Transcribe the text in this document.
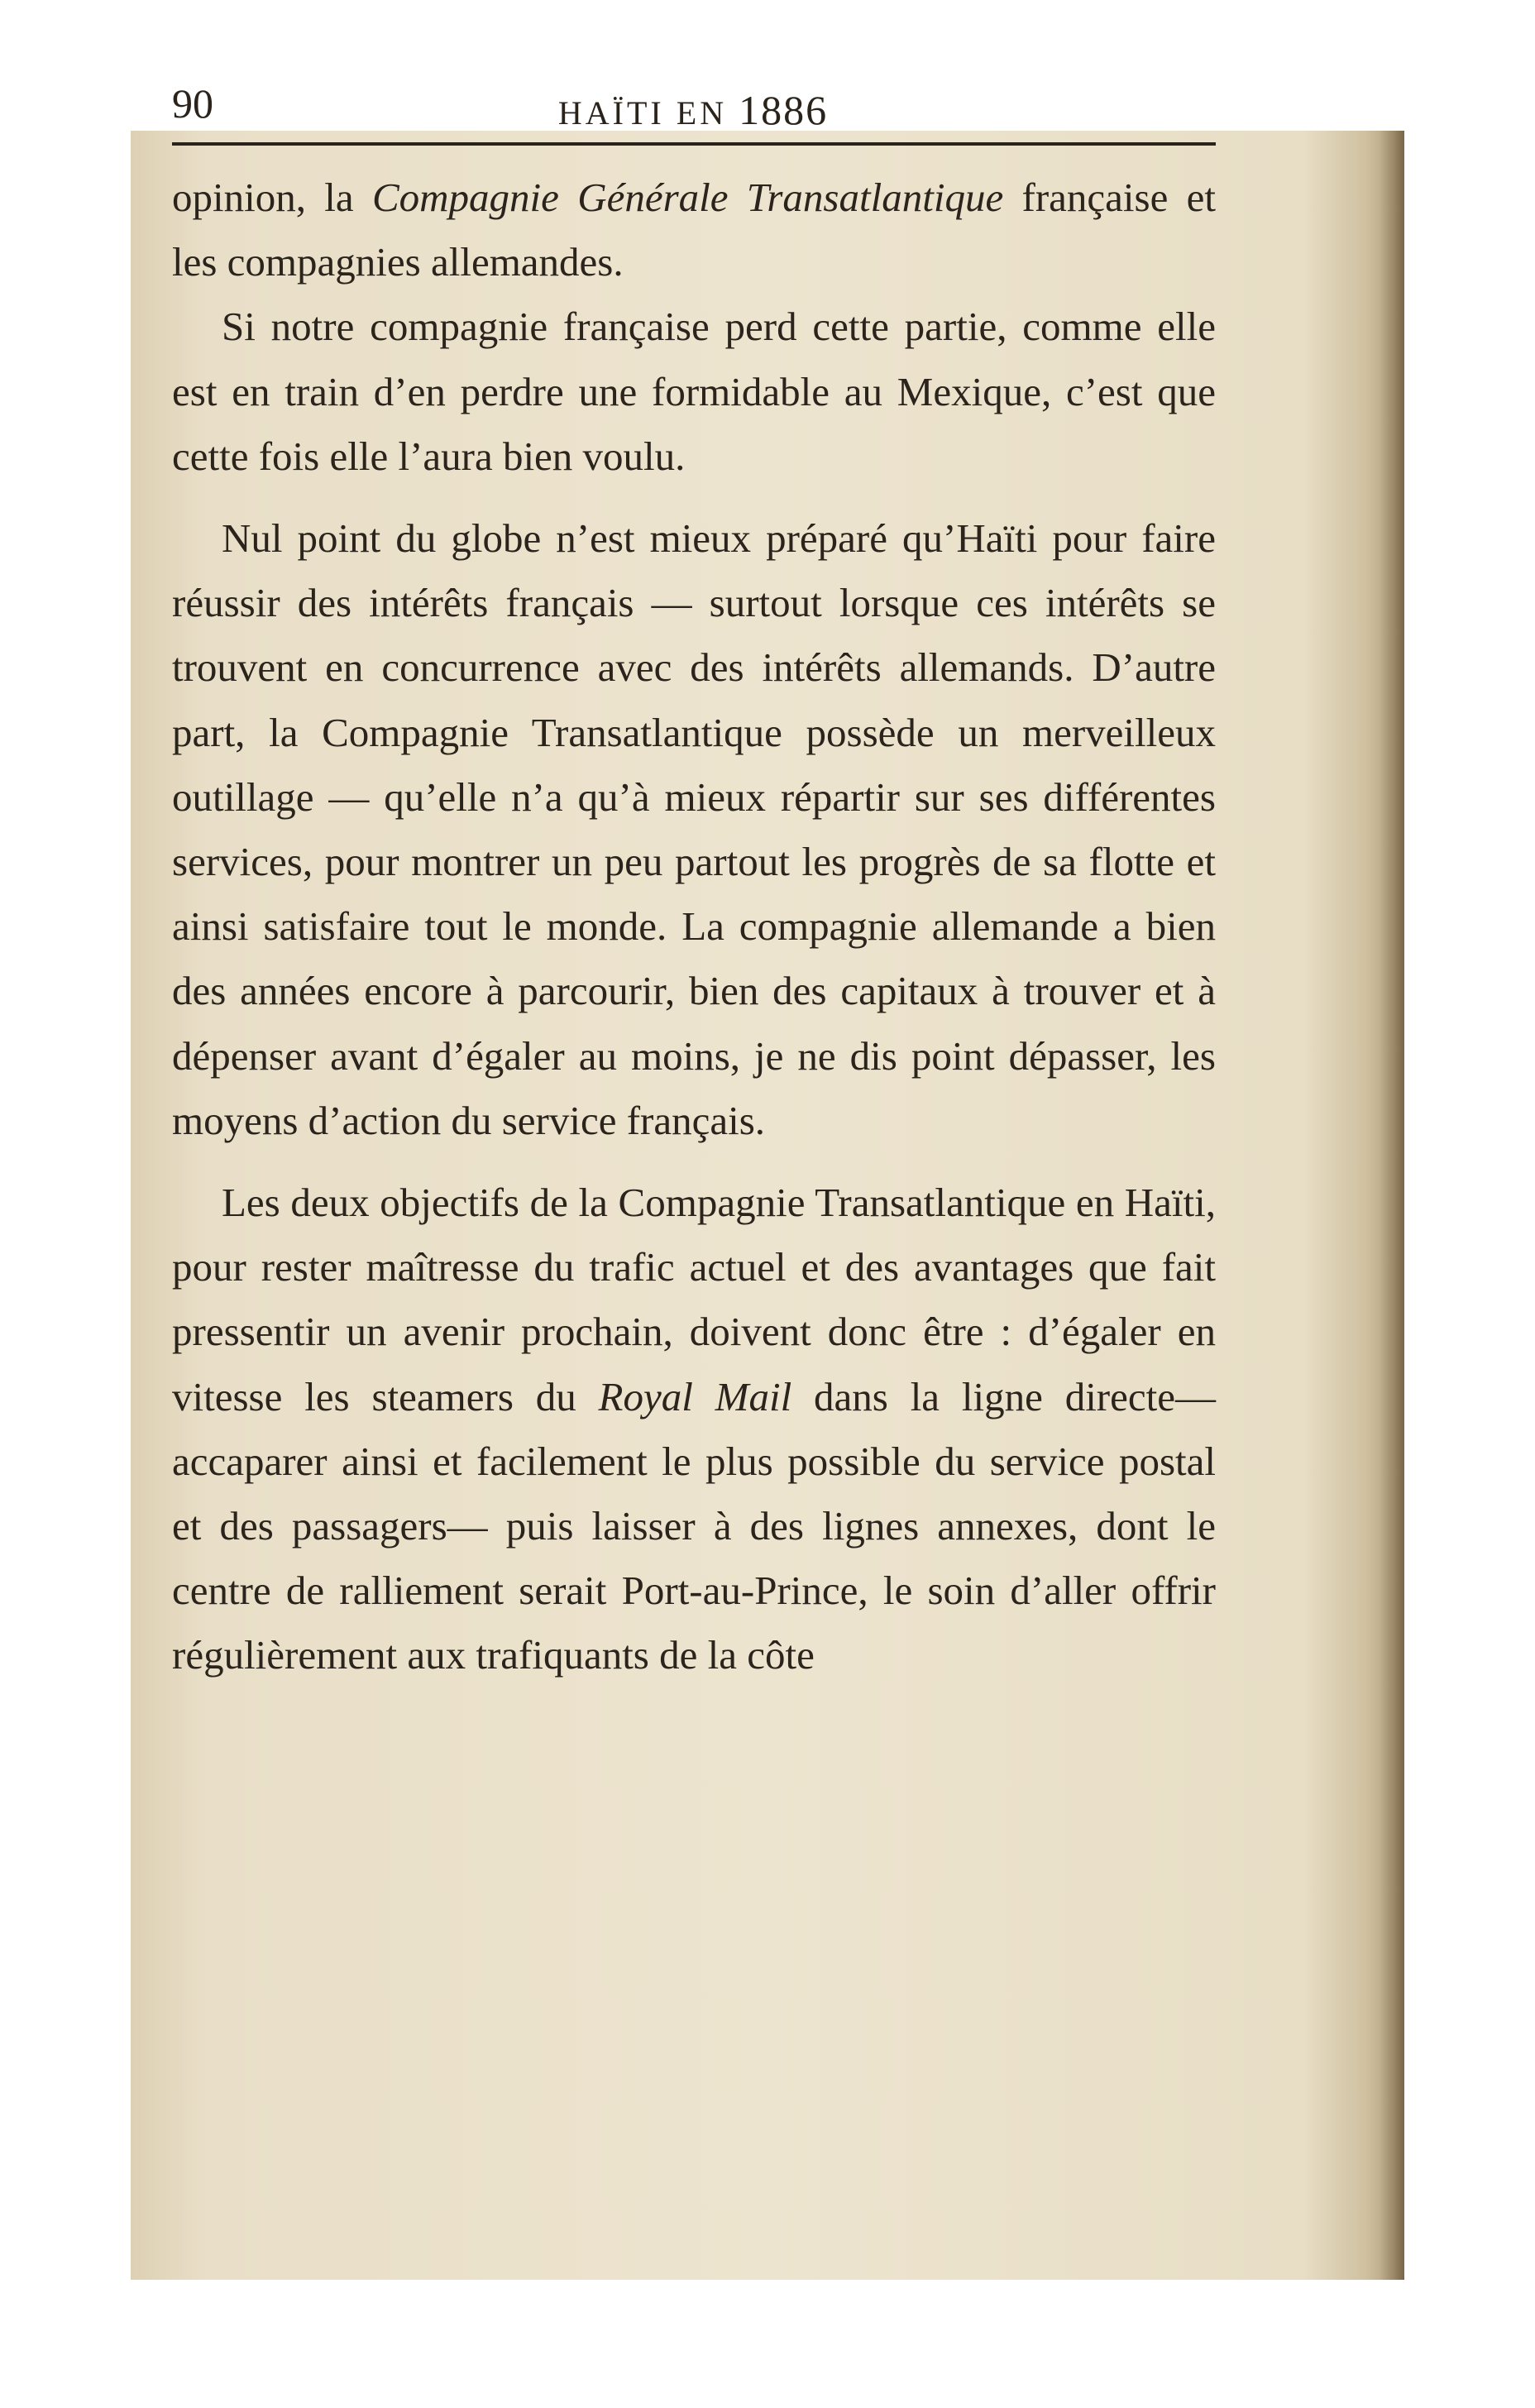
90	HAÏTI EN 1886

opinion, la Compagnie Générale Transatlantique française et les compagnies allemandes.

Si notre compagnie française perd cette partie, comme elle est en train d’en perdre une formidable au Mexique, c’est que cette fois elle l’aura bien voulu.

Nul point du globe n’est mieux préparé qu’Haïti pour faire réussir des intérêts français — surtout lorsque ces intérêts se trouvent en concurrence avec des intérêts allemands. D’autre part, la Compagnie Transatlantique possède un merveilleux outillage — qu’elle n’a qu’à mieux répartir sur ses différentes services, pour montrer un peu partout les progrès de sa flotte et ainsi satisfaire tout le monde. La compagnie allemande a bien des années encore à parcourir, bien des capitaux à trouver et à dépenser avant d’égaler au moins, je ne dis point dépasser, les moyens d’action du service français.

Les deux objectifs de la Compagnie Transatlantique en Haïti, pour rester maîtresse du trafic actuel et des avantages que fait pressentir un avenir prochain, doivent donc être : d’égaler en vitesse les steamers du Royal Mail dans la ligne directe—accaparer ainsi et facilement le plus possible du service postal et des passagers— puis laisser à des lignes annexes, dont le centre de ralliement serait Port-au-Prince, le soin d’aller offrir régulièrement aux trafiquants de la côte
